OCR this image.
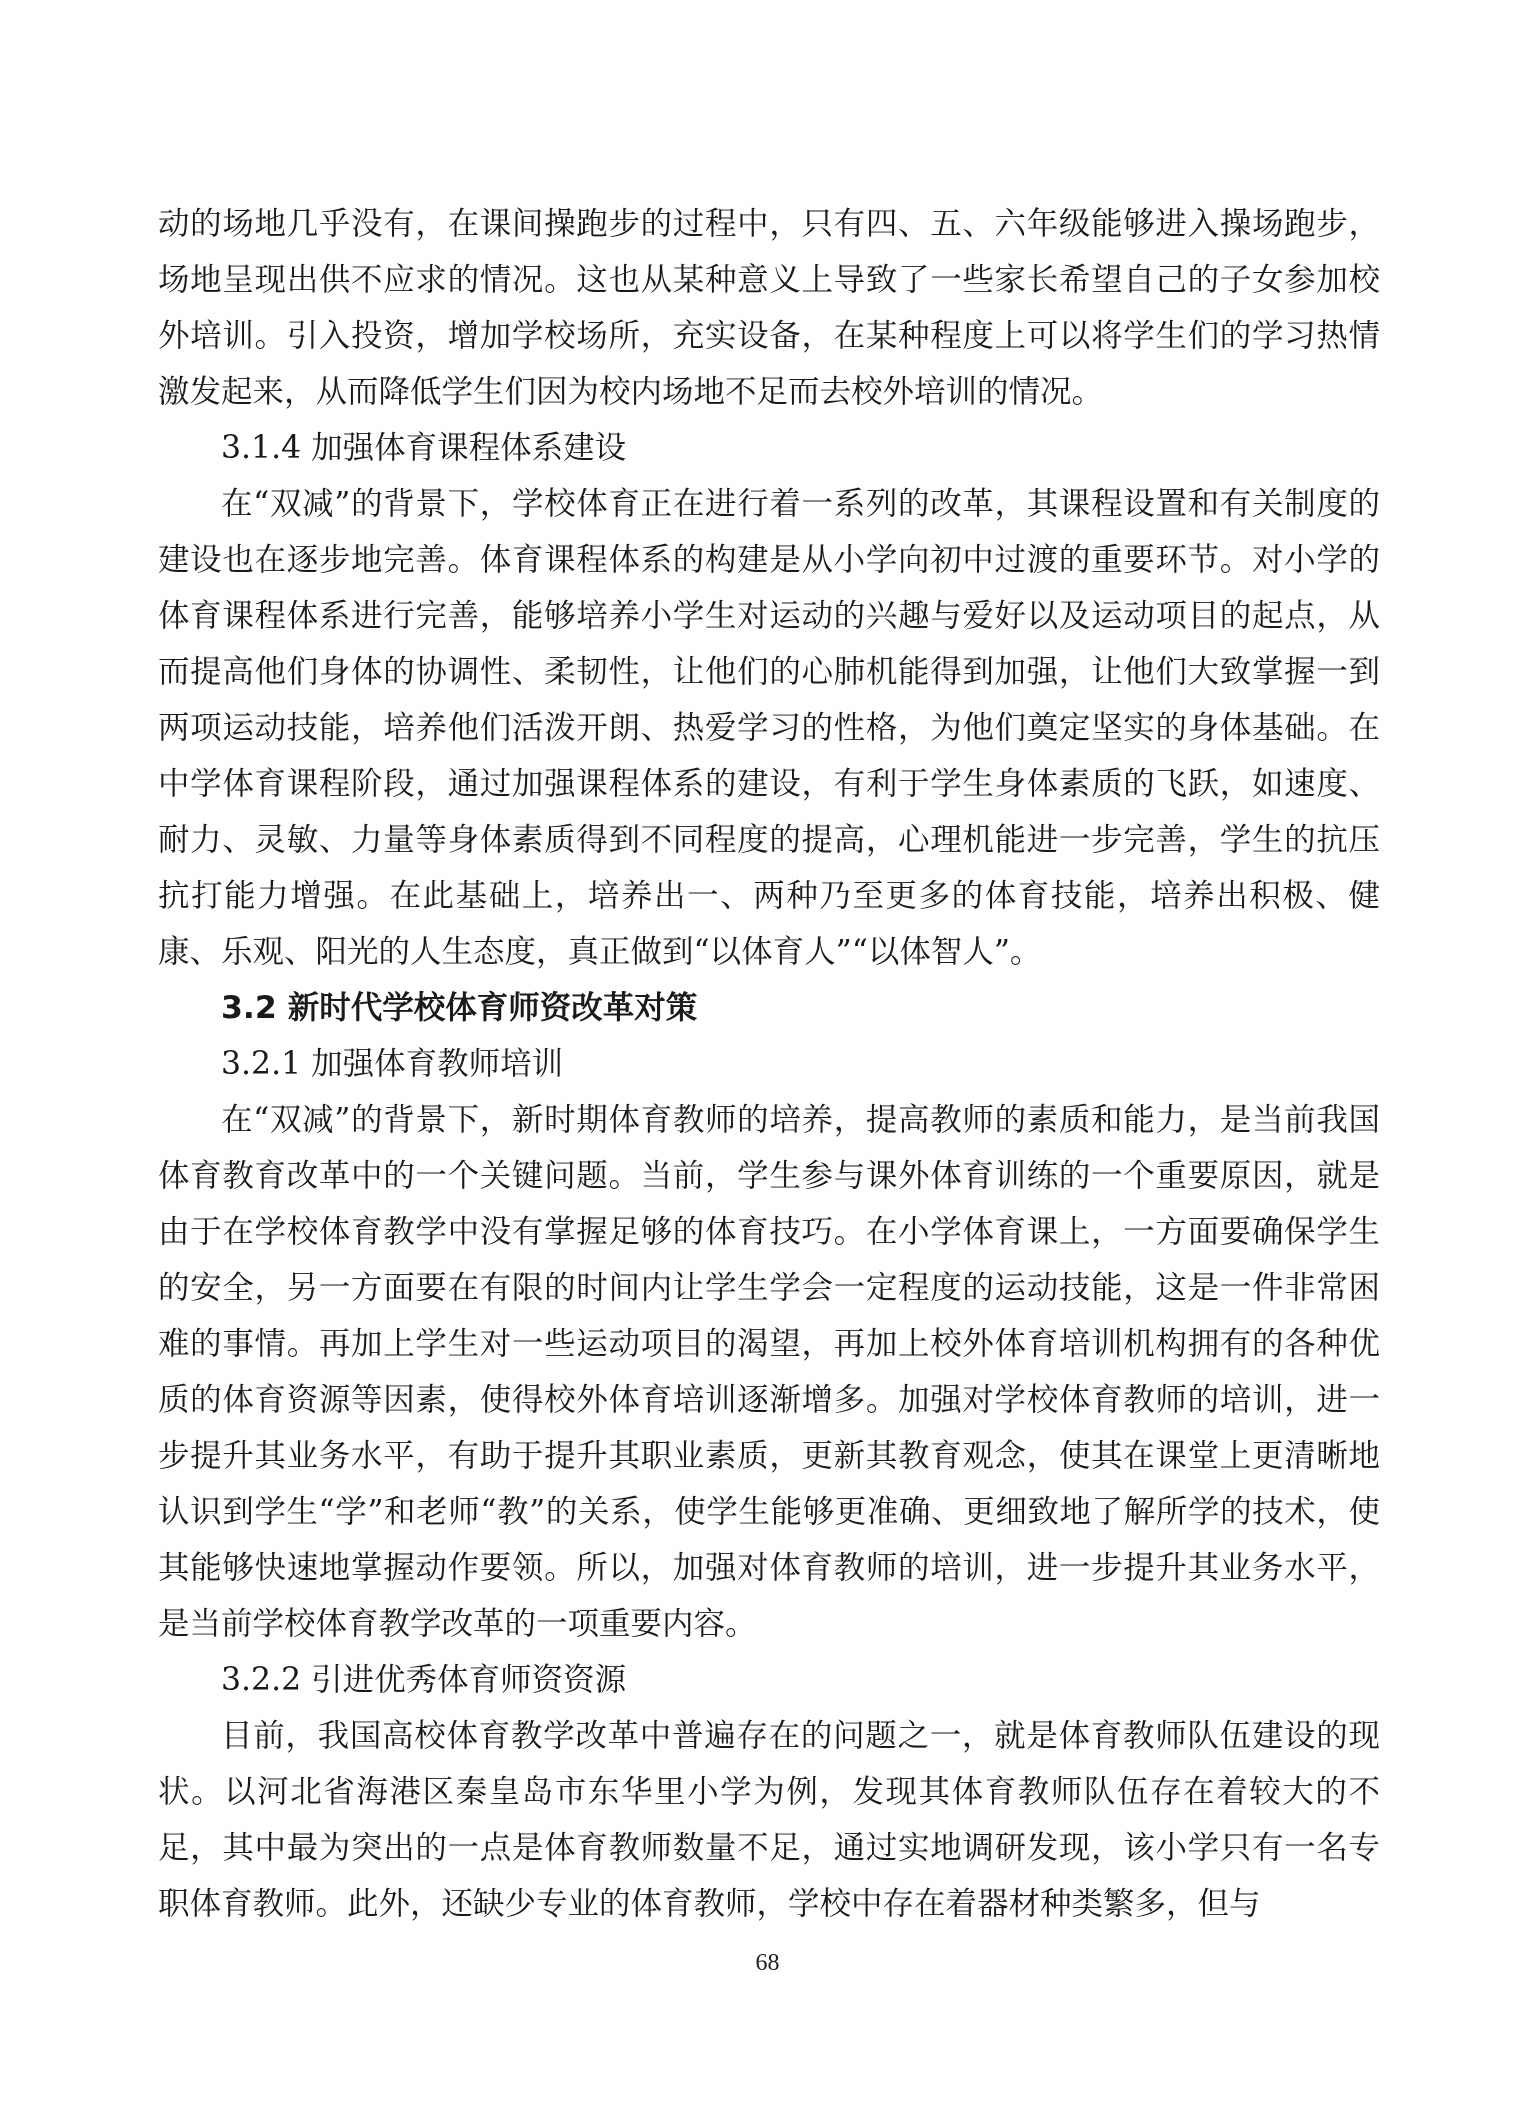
动的场地几乎没有，在课间操跑步的过程中，只有四、五、六年级能够进入操场跑步，场地呈现出供不应求的情况。这也从某种意义上导致了一些家长希望自己的子女参加校外培训。引入投资，增加学校场所，充实设备，在某种程度上可以将学生们的学习热情激发起来，从而降低学生们因为校内场地不足而去校外培训的情况。

3.1.4 加强体育课程体系建设

在“双减”的背景下，学校体育正在进行着一系列的改革，其课程设置和有关制度的建设也在逐步地完善。体育课程体系的构建是从小学向初中过渡的重要环节。对小学的体育课程体系进行完善，能够培养小学生对运动的兴趣与爱好以及运动项目的起点，从而提高他们身体的协调性、柔韧性，让他们的心肺机能得到加强，让他们大致掌握一到两项运动技能，培养他们活泼开朗、热爱学习的性格，为他们奠定坚实的身体基础。在中学体育课程阶段，通过加强课程体系的建设，有利于学生身体素质的飞跃，如速度、耐力、灵敏、力量等身体素质得到不同程度的提高，心理机能进一步完善，学生的抗压抗打能力增强。在此基础上，培养出一、两种乃至更多的体育技能，培养出积极、健康、乐观、阳光的人生态度，真正做到“以体育人”“以体智人”。

3.2 新时代学校体育师资改革对策

3.2.1 加强体育教师培训

在“双减”的背景下，新时期体育教师的培养，提高教师的素质和能力，是当前我国体育教育改革中的一个关键问题。当前，学生参与课外体育训练的一个重要原因，就是由于在学校体育教学中没有掌握足够的体育技巧。在小学体育课上，一方面要确保学生的安全，另一方面要在有限的时间内让学生学会一定程度的运动技能，这是一件非常困难的事情。再加上学生对一些运动项目的渴望，再加上校外体育培训机构拥有的各种优质的体育资源等因素，使得校外体育培训逐渐增多。加强对学校体育教师的培训，进一步提升其业务水平，有助于提升其职业素质，更新其教育观念，使其在课堂上更清晰地认识到学生“学”和老师“教”的关系，使学生能够更准确、更细致地了解所学的技术，使其能够快速地掌握动作要领。所以，加强对体育教师的培训，进一步提升其业务水平，是当前学校体育教学改革的一项重要内容。

3.2.2 引进优秀体育师资资源

目前，我国高校体育教学改革中普遍存在的问题之一，就是体育教师队伍建设的现状。以河北省海港区秦皇岛市东华里小学为例，发现其体育教师队伍存在着较大的不足，其中最为突出的一点是体育教师数量不足，通过实地调研发现，该小学只有一名专职体育教师。此外，还缺少专业的体育教师，学校中存在着器材种类繁多，但与

68
